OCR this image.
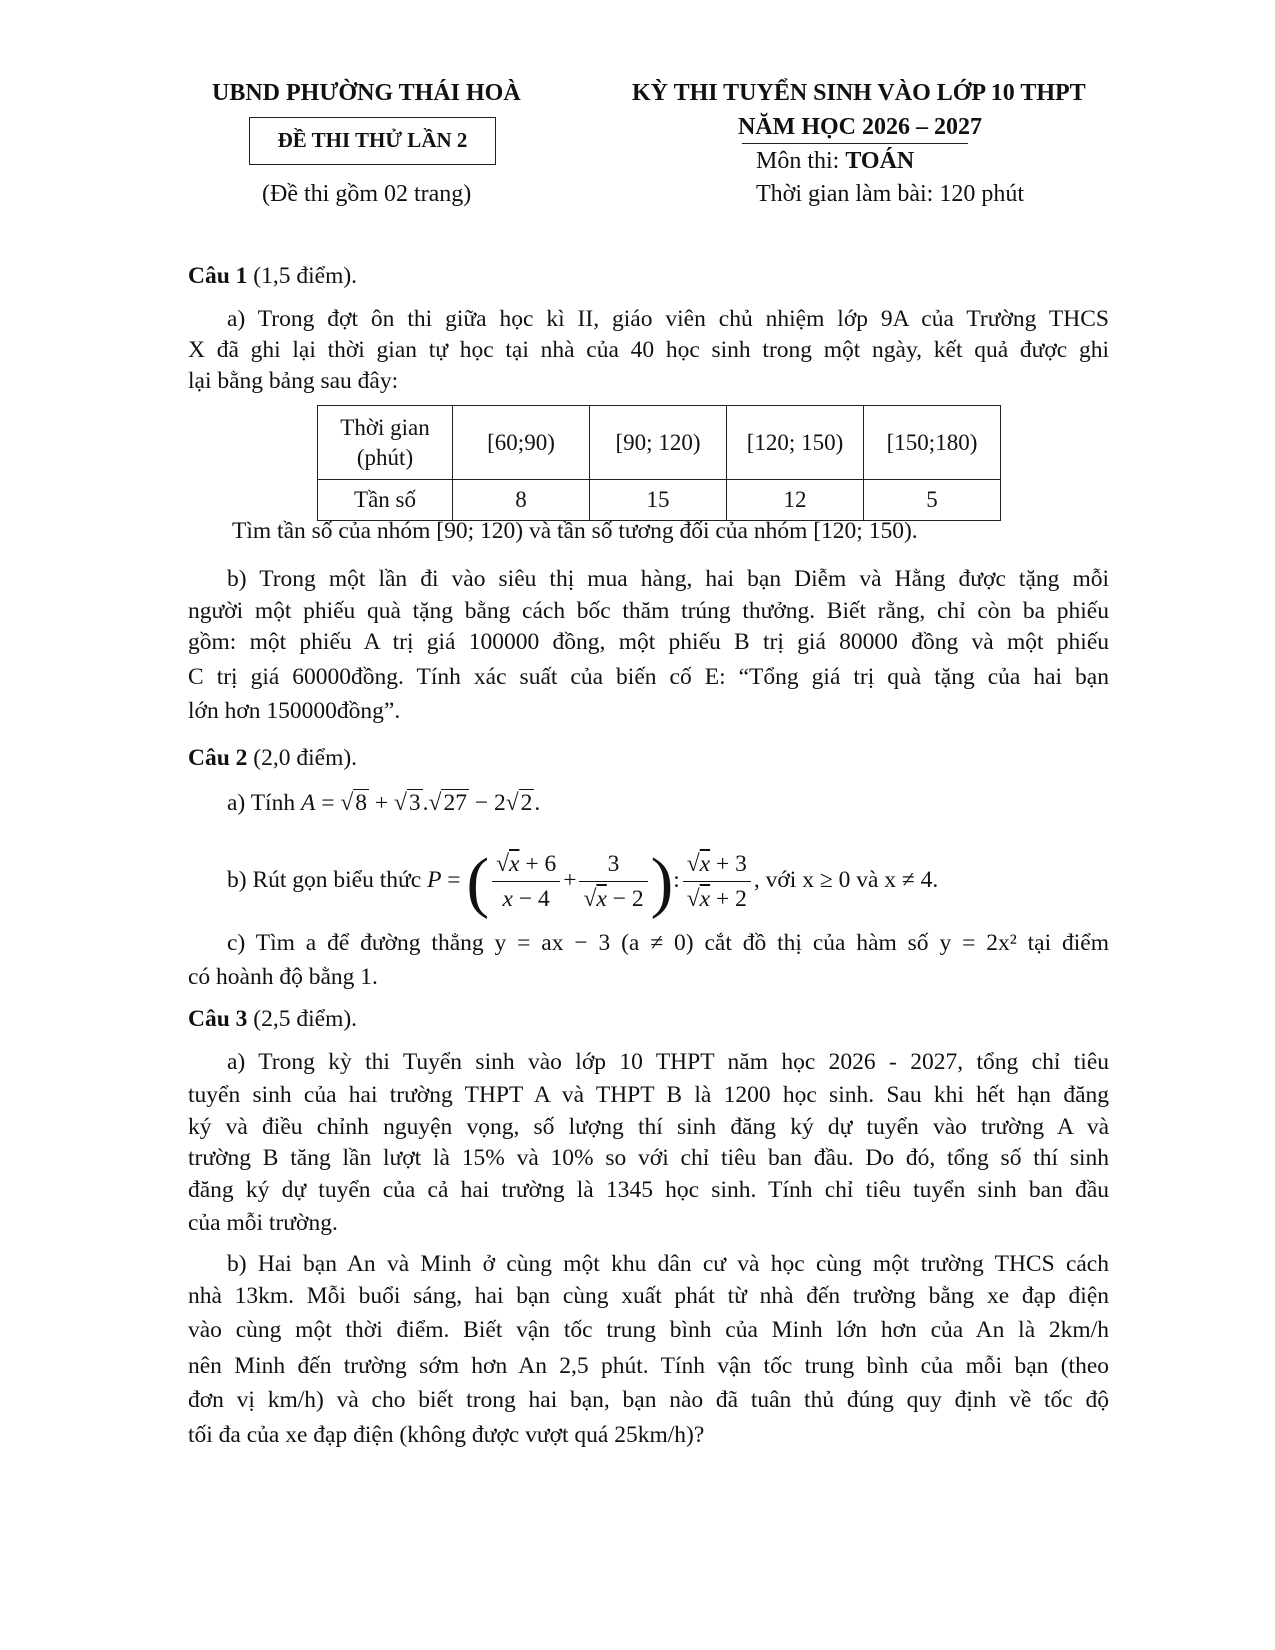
UBND PHƯỜNG THÁI HOÀ
ĐỀ THI THỬ LẦN 2
(Đề thi gồm 02 trang)
KỲ THI TUYỂN SINH VÀO LỚP 10 THPT
NĂM HỌC 2026 – 2027
Môn thi: TOÁN
Thời gian làm bài: 120 phút
Câu 1 (1,5 điểm).
a) Trong đợt ôn thi giữa học kì II, giáo viên chủ nhiệm lớp 9A của Trường THCS
X đã ghi lại thời gian tự học tại nhà của 40 học sinh trong một ngày, kết quả được ghi
lại bằng bảng sau đây:
Thời gian
(phút)	[60;90)	[90; 120)	[120; 150)	[150;180)
Tần số	8	15	12	5
Tìm tần số của nhóm [90; 120) và tần số tương đối của nhóm [120; 150).
b) Trong một lần đi vào siêu thị mua hàng, hai bạn Diễm và Hằng được tặng mỗi
người một phiếu quà tặng bằng cách bốc thăm trúng thưởng. Biết rằng, chỉ còn ba phiếu
gồm: một phiếu A trị giá 100000 đồng, một phiếu B trị giá 80000 đồng và một phiếu
C trị giá 60000đồng. Tính xác suất của biến cố E: “Tổng giá trị quà tặng của hai bạn
lớn hơn 150000đồng”.
Câu 2 (2,0 điểm).
a) Tính A = √8 + √3.√27 − 2√2.
b) Rút gọn biểu thức P = ( $\frac{√x + 6}{x - 4} + \frac{3}{√x - 2}$ ): $\frac{√x + 3}{√x + 2}$ , với x ≥ 0 và x ≠ 4.
c) Tìm a để đường thẳng y = ax − 3 (a ≠ 0) cắt đồ thị của hàm số y = 2x² tại điểm
có hoành độ bằng 1.
Câu 3 (2,5 điểm).
a) Trong kỳ thi Tuyển sinh vào lớp 10 THPT năm học 2026 - 2027, tổng chỉ tiêu
tuyển sinh của hai trường THPT A và THPT B là 1200 học sinh. Sau khi hết hạn đăng
ký và điều chỉnh nguyện vọng, số lượng thí sinh đăng ký dự tuyển vào trường A và
trường B tăng lần lượt là 15% và 10% so với chỉ tiêu ban đầu. Do đó, tổng số thí sinh
đăng ký dự tuyển của cả hai trường là 1345 học sinh. Tính chỉ tiêu tuyển sinh ban đầu
của mỗi trường.
b) Hai bạn An và Minh ở cùng một khu dân cư và học cùng một trường THCS cách
nhà 13km. Mỗi buổi sáng, hai bạn cùng xuất phát từ nhà đến trường bằng xe đạp điện
vào cùng một thời điểm. Biết vận tốc trung bình của Minh lớn hơn của An là 2km/h
nên Minh đến trường sớm hơn An 2,5 phút. Tính vận tốc trung bình của mỗi bạn (theo
đơn vị km/h) và cho biết trong hai bạn, bạn nào đã tuân thủ đúng quy định về tốc độ
tối đa của xe đạp điện (không được vượt quá 25km/h)?
